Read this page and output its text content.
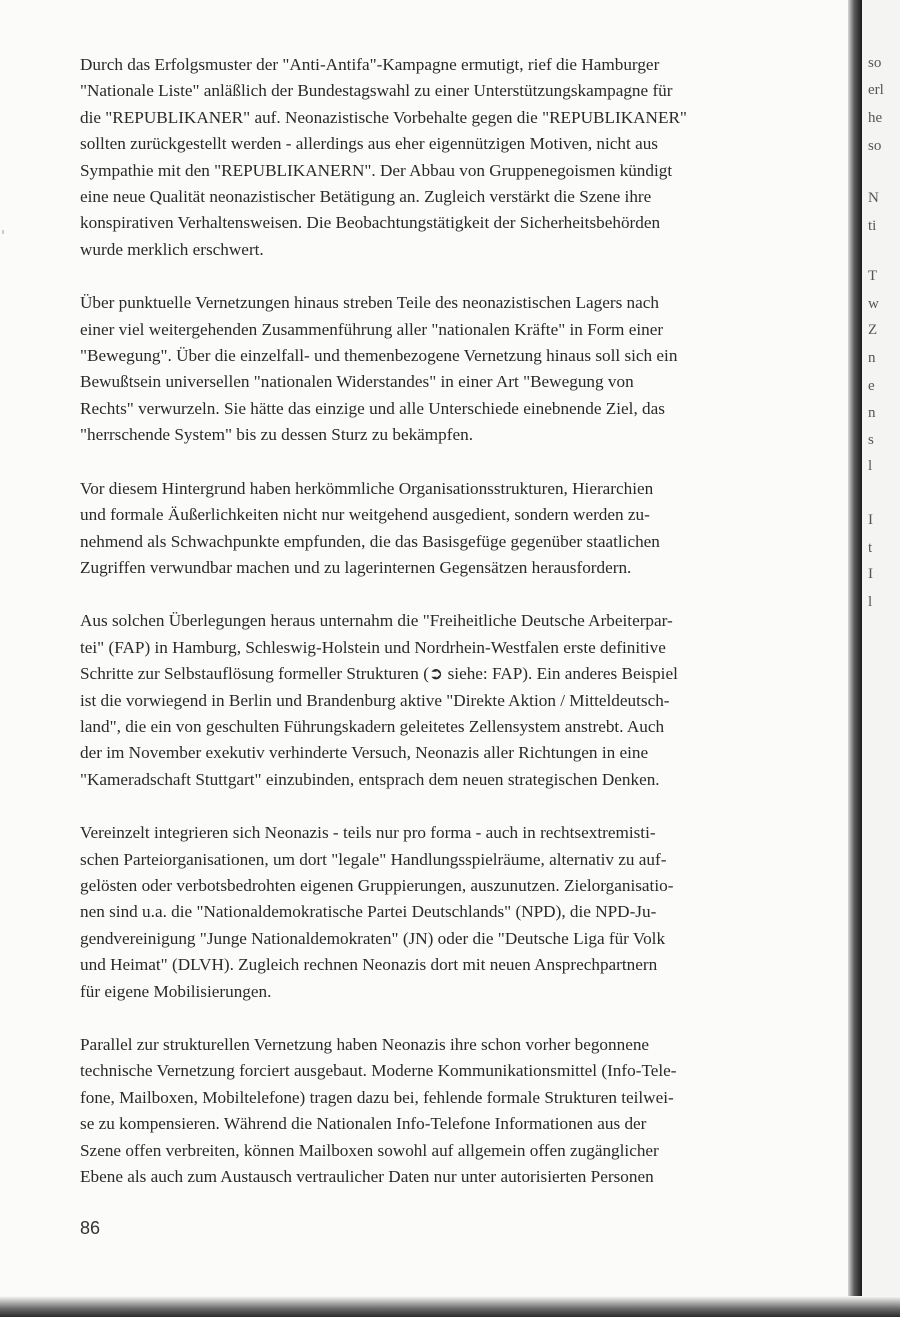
Durch das Erfolgsmuster der "Anti-Antifa"-Kampagne ermutigt, rief die Hamburger
"Nationale Liste" anläßlich der Bundestagswahl zu einer Unterstützungskampagne für
die "REPUBLIKANER" auf. Neonazistische Vorbehalte gegen die "REPUBLIKANER"
sollten zurückgestellt werden - allerdings aus eher eigennützigen Motiven, nicht aus
Sympathie mit den "REPUBLIKANERN". Der Abbau von Gruppenegoismen kündigt
eine neue Qualität neonazistischer Betätigung an. Zugleich verstärkt die Szene ihre
konspirativen Verhaltensweisen. Die Beobachtungstätigkeit der Sicherheitsbehörden
wurde merklich erschwert.
Über punktuelle Vernetzungen hinaus streben Teile des neonazistischen Lagers nach
einer viel weitergehenden Zusammenführung aller "nationalen Kräfte" in Form einer
"Bewegung". Über die einzelfall- und themenbezogene Vernetzung hinaus soll sich ein
Bewußtsein universellen "nationalen Widerstandes" in einer Art "Bewegung von
Rechts" verwurzeln. Sie hätte das einzige und alle Unterschiede einebnende Ziel, das
"herrschende System" bis zu dessen Sturz zu bekämpfen.
Vor diesem Hintergrund haben herkömmliche Organisationsstrukturen, Hierarchien
und formale Äußerlichkeiten nicht nur weitgehend ausgedient, sondern werden zu-
nehmend als Schwachpunkte empfunden, die das Basisgefüge gegenüber staatlichen
Zugriffen verwundbar machen und zu lagerinternen Gegensätzen herausfordern.
Aus solchen Überlegungen heraus unternahm die "Freiheitliche Deutsche Arbeiterpar-
tei" (FAP) in Hamburg, Schleswig-Holstein und Nordrhein-Westfalen erste definitive
Schritte zur Selbstauflösung formeller Strukturen (➲ siehe: FAP). Ein anderes Beispiel
ist die vorwiegend in Berlin und Brandenburg aktive "Direkte Aktion / Mitteldeutsch-
land", die ein von geschulten Führungskadern geleitetes Zellensystem anstrebt. Auch
der im November exekutiv verhinderte Versuch, Neonazis aller Richtungen in eine
"Kameradschaft Stuttgart" einzubinden, entsprach dem neuen strategischen Denken.
Vereinzelt integrieren sich Neonazis - teils nur pro forma - auch in rechtsextremisti-
schen Parteiorganisationen, um dort "legale" Handlungsspielräume, alternativ zu auf-
gelösten oder verbotsbedrohten eigenen Gruppierungen, auszunutzen. Zielorganisatio-
nen sind u.a. die "Nationaldemokratische Partei Deutschlands" (NPD), die NPD-Ju-
gendvereinigung "Junge Nationaldemokraten" (JN) oder die "Deutsche Liga für Volk
und Heimat" (DLVH). Zugleich rechnen Neonazis dort mit neuen Ansprechpartnern
für eigene Mobilisierungen.
Parallel zur strukturellen Vernetzung haben Neonazis ihre schon vorher begonnene
technische Vernetzung forciert ausgebaut. Moderne Kommunikationsmittel (Info-Tele-
fone, Mailboxen, Mobiltelefone) tragen dazu bei, fehlende formale Strukturen teilwei-
se zu kompensieren. Während die Nationalen Info-Telefone Informationen aus der
Szene offen verbreiten, können Mailboxen sowohl auf allgemein offen zugänglicher
Ebene als auch zum Austausch vertraulicher Daten nur unter autorisierten Personen
86
so
erl
he
so
N
ti
T
w
Z
n
e
n
s
l
I
t
I
l
